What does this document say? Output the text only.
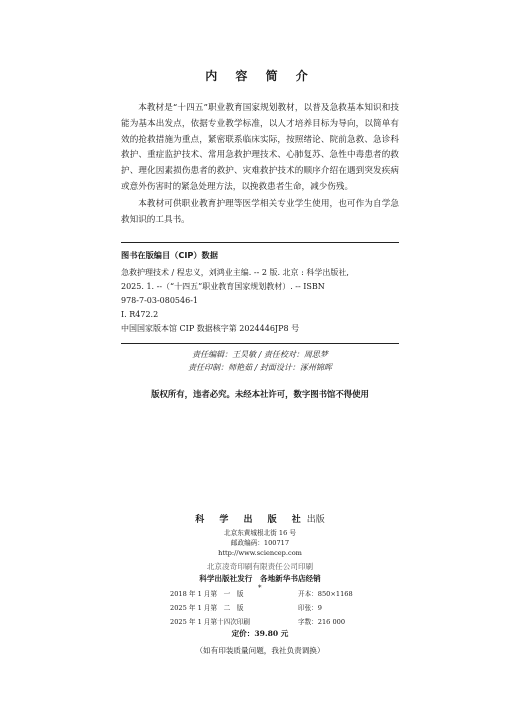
内 容 简 介

本教材是“十四五”职业教育国家规划教材，以普及急救基本知识和技能为基本出发点，依据专业教学标准，以人才培养目标为导向，以简单有效的抢救措施为重点，紧密联系临床实际，按照绪论、院前急救、急诊科救护、重症监护技术、常用急救护理技术、心肺复苏、急性中毒患者的救护、理化因素损伤患者的救护、灾难救护技术的顺序介绍在遇到突发疾病或意外伤害时的紧急处理方法，以挽救患者生命，减少伤残。

本教材可供职业教育护理等医学相关专业学生使用，也可作为自学急救知识的工具书。

图书在版编目（CIP）数据
急救护理技术 / 程忠义，刘鸿业主编. -- 2 版. 北京 : 科学出版社,
2025. 1. --（“十四五”职业教育国家规划教材）. -- ISBN
978-7-03-080546-1
Ⅰ. R472.2
中国国家版本馆 CIP 数据核字第 2024446JP8 号
责任编辑：王昊敏 / 责任校对：周思梦
责任印制：师艳茹 / 封面设计：涿州锦晖
版权所有，违者必究。未经本社许可，数字图书馆不得使用
科 学 出 版 社出版
北京东黄城根北街 16 号
邮政编码：100717
http://www.sciencep.com
北京凌奇印刷有限责任公司印刷
科学出版社发行　各地新华书店经销
*
2018 年 1 月第　一　版	开本：850×1168
2025 年 1 月第　二　版	印张：9
2025 年 1 月第十四次印刷	字数：216 000
定价：39.80 元
（如有印装质量问题，我社负责调换）
